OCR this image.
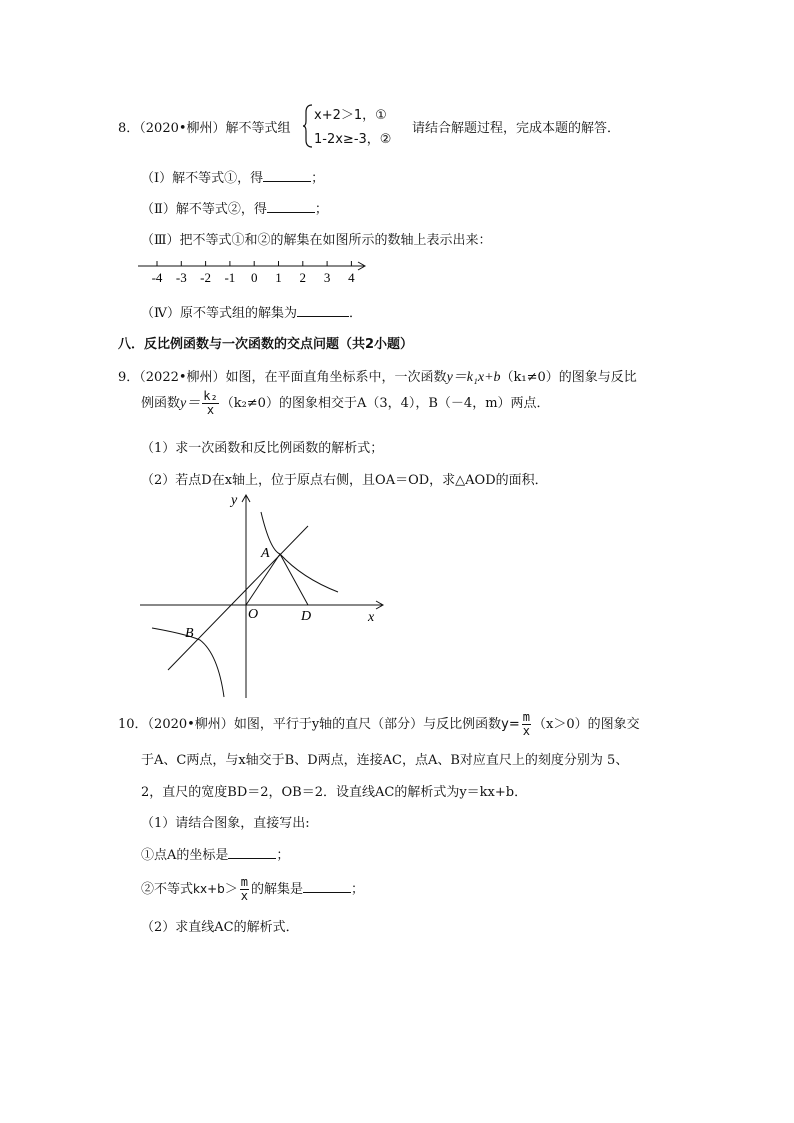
8．（2020•柳州）解不等式组
x+2＞1，①
1-2x≥-3，②
请结合解题过程，完成本题的解答．
（Ⅰ）解不等式①，得	；
（Ⅱ）解不等式②，得	；
（Ⅲ）把不等式①和②的解集在如图所示的数轴上表示出来：
-4 -3 -2 -1 0 1 2 3 4
（Ⅳ）原不等式组的解集为	．
八．反比例函数与一次函数的交点问题（共2小题）
9．（2022•柳州）如图，在平面直角坐标系中，一次函数y＝k₁x+b（k₁≠0）的图象与反比
例函数$y= \frac{\text{k₂}}{x} (k_2\ne 0)$的图象相交于A（3，4），B（－4，m）两点．
（1）求一次函数和反比例函数的解析式；
（2）若点D在x轴上，位于原点右侧，且OA＝OD，求△AOD的面积．
y
x
A
B
O	D
10．（2020•柳州）如图，平行于y轴的直尺（部分）与反比例函数$y= \frac{m}{x} (x>0)$的图象交
于A、C两点，与x轴交于B、D两点，连接AC，点A、B对应直尺上的刻度分别为 5、
2，直尺的宽度BD＝2，OB＝2．设直线AC的解析式为y＝kx+b．
（1）请结合图象，直接写出:
①点A的坐标是	；
②不等式$kx+b> \frac{m}{x}$ 的解集是	；
（2）求直线AC的解析式．
